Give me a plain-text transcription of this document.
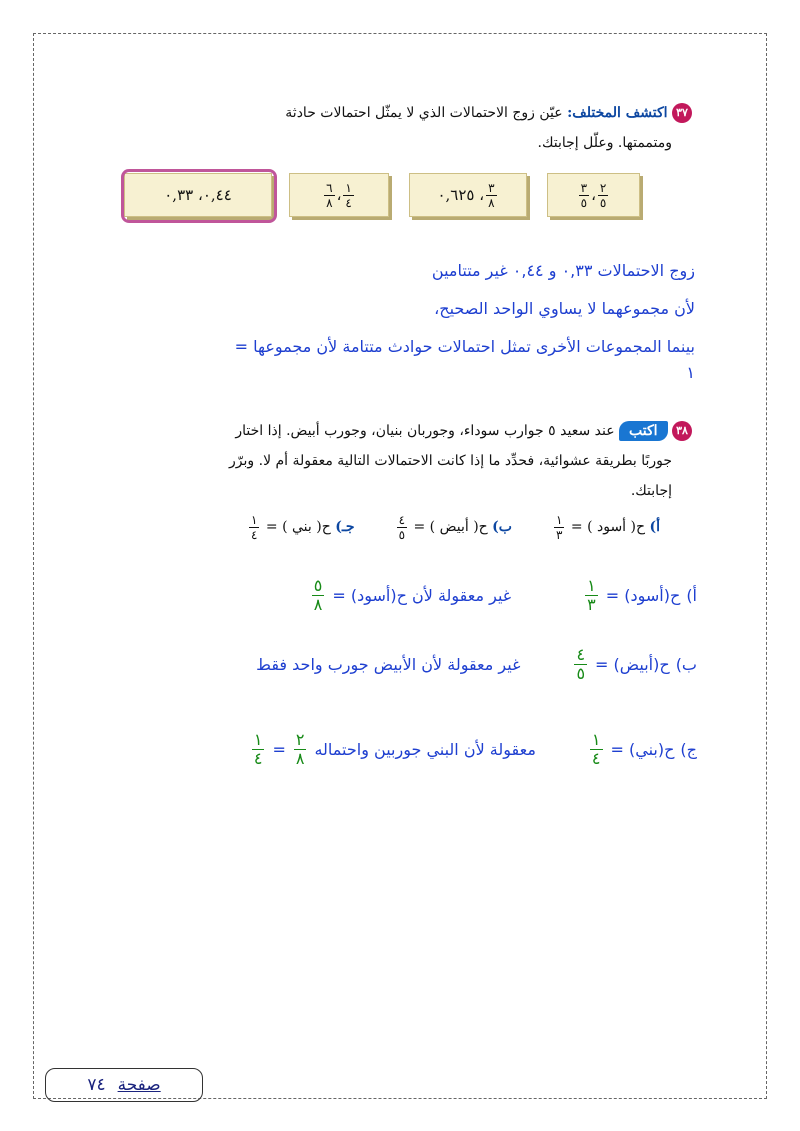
٣٧ اكتشف المختلف: عيّن زوج الاحتمالات الذي لا يمثّل احتمالات حادثة
ومتممتها. وعلّل إجابتك.
٠,٤٤، ٠,٣٣	$\frac{١}{٤}$
،
$\frac{٦}{٨}$	$\frac{٣}{٨}$
، ٠,٦٢٥	$\frac{٢}{٥}$
،
$\frac{٣}{٥}$
زوج الاحتمالات ٠,٣٣ و ٠,٤٤ غير متتامين
لأن مجموعهما لا يساوي الواحد الصحيح،
بينما المجموعات الأخرى تمثل احتمالات حوادث متتامة لأن مجموعها =
١
٣٨ اكتب عند سعيد ٥ جوارب سوداء، وجوربان بنيان، وجورب أبيض. إذا اختار
جوربًا بطريقة عشوائية، فحدِّد ما إذا كانت الاحتمالات التالية معقولة أم لا. وبرّر
إجابتك.
أ) ح( أسود ) =
$\frac{١}{٣}$
ب) ح( أبيض ) =
$\frac{٤}{٥}$
جـ) ح( بني ) =
$\frac{١}{٤}$
أ)
ح(أسود) =
$\frac{١}{٣}$
غير معقولة لأن ح(أسود) =
$\frac{٥}{٨}$
ب)
ح(أبيض) =
$\frac{٤}{٥}$
غير معقولة لأن الأبيض جورب واحد فقط
ج)
ح(بني) =
$\frac{١}{٤}$
معقولة لأن البني جوربين واحتماله
$\frac{٢}{٨}$
=
$\frac{١}{٤}$
صفحة
٧٤
